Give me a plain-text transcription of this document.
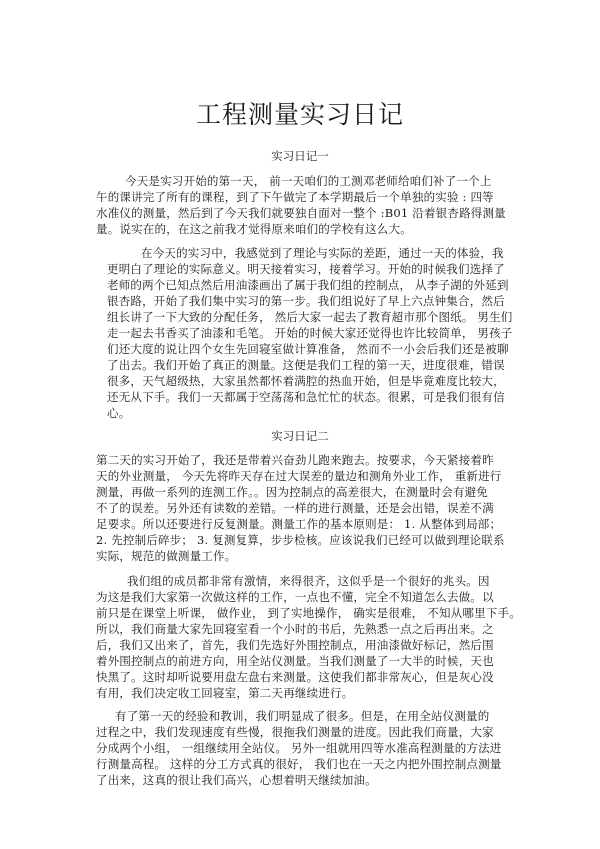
工程测量实习日记
实习日记一
今天是实习开始的第一天， 前一天咱们的工测邓老师给咱们补了一个上
午的课讲完了所有的课程，到了下午做完了本学期最后一个单独的实验 : 四等
水准仪的测量，然后到了今天我们就要独自面对一整个 :B01 沿着银杏路得测量
量。说实在的，在这之前我才觉得原来咱们的学校有这么大。
在今天的实习中，我感觉到了理论与实际的差距，通过一天的体验，我
更明白了理论的实际意义。明天接着实习，接着学习。开始的时候我们选择了
老师的两个已知点然后用油漆画出了属于我们组的控制点， 从李子湖的外延到
银杏路，开始了我们集中实习的第一步。我们组说好了早上六点钟集合，然后
组长讲了一下大致的分配任务， 然后大家一起去了教育超市那个图纸。 男生们
走一起去书香买了油漆和毛笔。 开始的时候大家还觉得也许比较简单， 男孩子
们还大度的说让四个女生先回寝室做计算准备， 然而不一小会后我们还是被聊
了出去。我们开始了真正的测量。这便是我们工程的第一天，进度很难，错误
很多，天气超级热，大家虽然都怀着满腔的热血开始，但是毕竟难度比较大，
还无从下手。我们一天都属于空荡荡和急忙忙的状态。很累，可是我们很有信
心。
实习日记二
第二天的实习开始了，我还是带着兴奋劲儿跑来跑去。按要求，今天紧接着昨
天的外业测量， 今天先将昨天存在过大误差的量边和测角外业工作， 重新进行
测量，再做一系列的连测工作。。因为控制点的高差很大，在测量时会有避免
不了的误差。另外还有读数的差错。一样的进行测量，还是会出错，误差不满
足要求。所以还要进行反复测量。测量工作的基本原则是： 1. 从整体到局部；
2. 先控制后碎步； 3. 复测复算，步步检核。应该说我们已经可以做到理论联系
实际，规范的做测量工作。
我们组的成员都非常有激情，来得很齐，这似乎是一个很好的兆头。因
为这是我们大家第一次做这样的工作，一点也不懂，完全不知道怎么去做。以
前只是在课堂上听课， 做作业， 到了实地操作， 确实是很难， 不知从哪里下手。
所以，我们商量大家先回寝室看一个小时的书后，先熟悉一点之后再出来。之
后，我们又出来了，首先，我们先选好外围控制点，用油漆做好标记，然后围
着外围控制点的前进方向，用全站仪测量。当我们测量了一大半的时候，天也
快黑了。这时却听说要用盘左盘右来测量。这使我们都非常灰心，但是灰心没
有用，我们决定收工回寝室，第二天再继续进行。
有了第一天的经验和教训，我们明显成了很多。但是，在用全站仪测量的
过程之中，我们发现速度有些慢，很拖我们测量的进度。因此我们商量，大家
分成两个小组， 一组继续用全站仪。 另外一组就用四等水准高程测量的方法进
行测量高程。 这样的分工方式真的很好， 我们也在一天之内把外围控制点测量
了出来，这真的很让我们高兴，心想着明天继续加油。
